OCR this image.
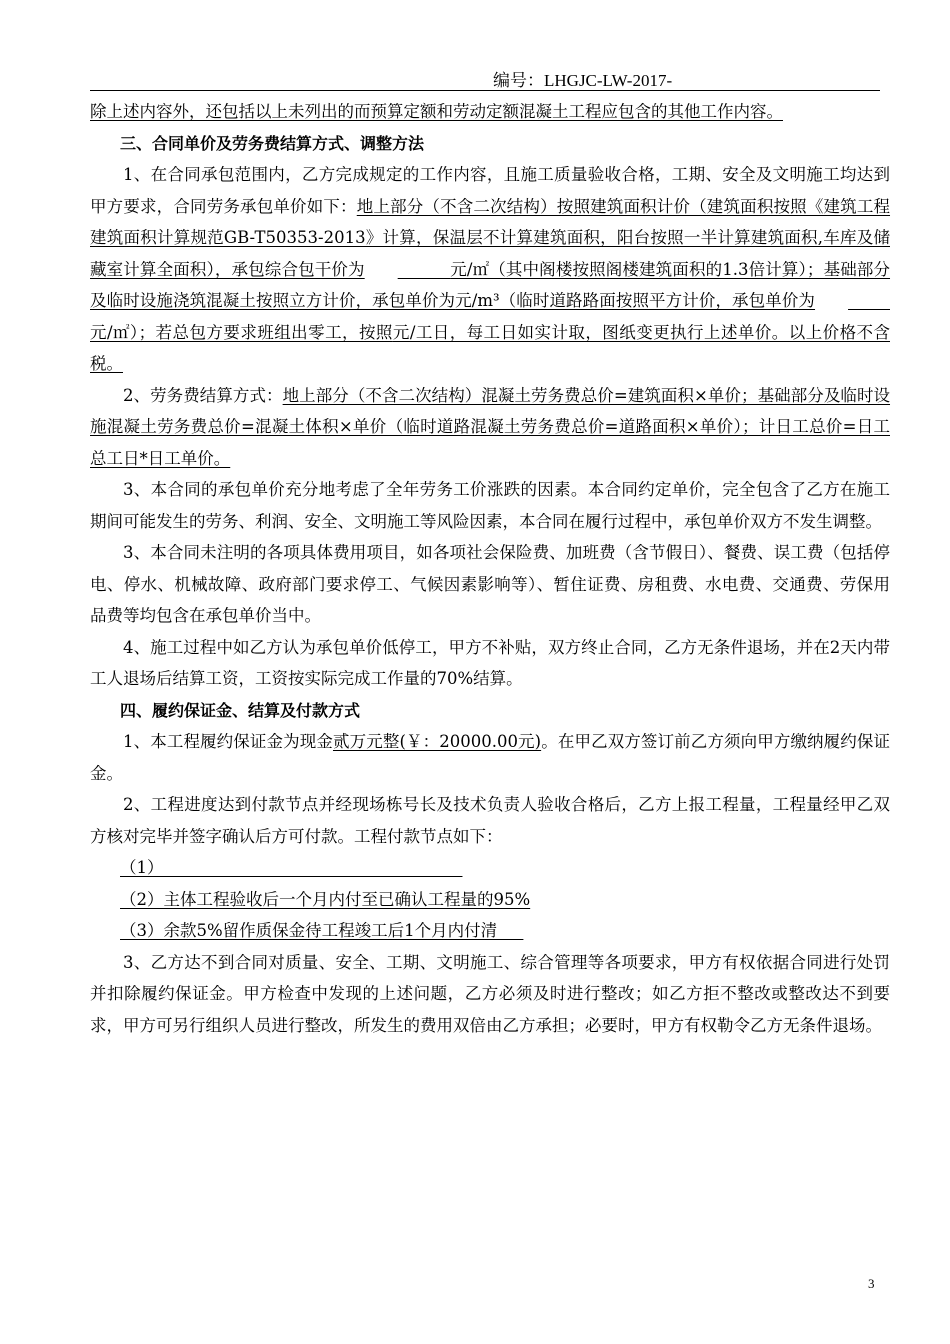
编号：LHGJC-LW-2017-

除上述内容外，还包括以上未列出的而预算定额和劳动定额混凝土工程应包含的其他工作内容。

三、合同单价及劳务费结算方式、调整方法

1、在合同承包范围内，乙方完成规定的工作内容，且施工质量验收合格，工期、安全及文明施工均达到甲方要求，合同劳务承包单价如下：地上部分（不含二次结构）按照建筑面积计价（建筑面积按照《建筑工程建筑面积计算规范GB-T50353-2013》计算，保温层不计算建筑面积，阳台按照一半计算建筑面积,车库及储藏室计算全面积），承包综合包干价为	元/㎡（其中阁楼按照阁楼建筑面积的1.3倍计算）；基础部分及临时设施浇筑混凝土按照立方计价，承包单价为元/m³（临时道路路面按照平方计价，承包单价为        元/㎡）；若总包方要求班组出零工，按照元/工日，每工日如实计取，图纸变更执行上述单价。以上价格不含税。

2、劳务费结算方式：地上部分（不含二次结构）混凝土劳务费总价=建筑面积×单价；基础部分及临时设施混凝土劳务费总价=混凝土体积×单价（临时道路混凝土劳务费总价=道路面积×单价）；计日工总价=日工总工日*日工单价。

3、本合同的承包单价充分地考虑了全年劳务工价涨跌的因素。本合同约定单价，完全包含了乙方在施工期间可能发生的劳务、利润、安全、文明施工等风险因素，本合同在履行过程中，承包单价双方不发生调整。

3、本合同未注明的各项具体费用项目，如各项社会保险费、加班费（含节假日）、餐费、误工费（包括停电、停水、机械故障、政府部门要求停工、气候因素影响等）、暂住证费、房租费、水电费、交通费、劳保用品费等均包含在承包单价当中。

4、施工过程中如乙方认为承包单价低停工，甲方不补贴，双方终止合同，乙方无条件退场，并在2天内带工人退场后结算工资，工资按实际完成工作量的70%结算。

四、履约保证金、结算及付款方式

1、本工程履约保证金为现金贰万元整(￥：20000.00元)。在甲乙双方签订前乙方须向甲方缴纳履约保证金。

2、工程进度达到付款节点并经现场栋号长及技术负责人验收合格后，乙方上报工程量，工程量经甲乙双方核对完毕并签字确认后方可付款。工程付款节点如下：

（1）
（2）主体工程验收后一个月内付至已确认工程量的95%
（3）余款5%留作质保金待工程竣工后1个月内付清

3、乙方达不到合同对质量、安全、工期、文明施工、综合管理等各项要求，甲方有权依据合同进行处罚并扣除履约保证金。甲方检查中发现的上述问题，乙方必须及时进行整改；如乙方拒不整改或整改达不到要求，甲方可另行组织人员进行整改，所发生的费用双倍由乙方承担；必要时，甲方有权勒令乙方无条件退场。

3
